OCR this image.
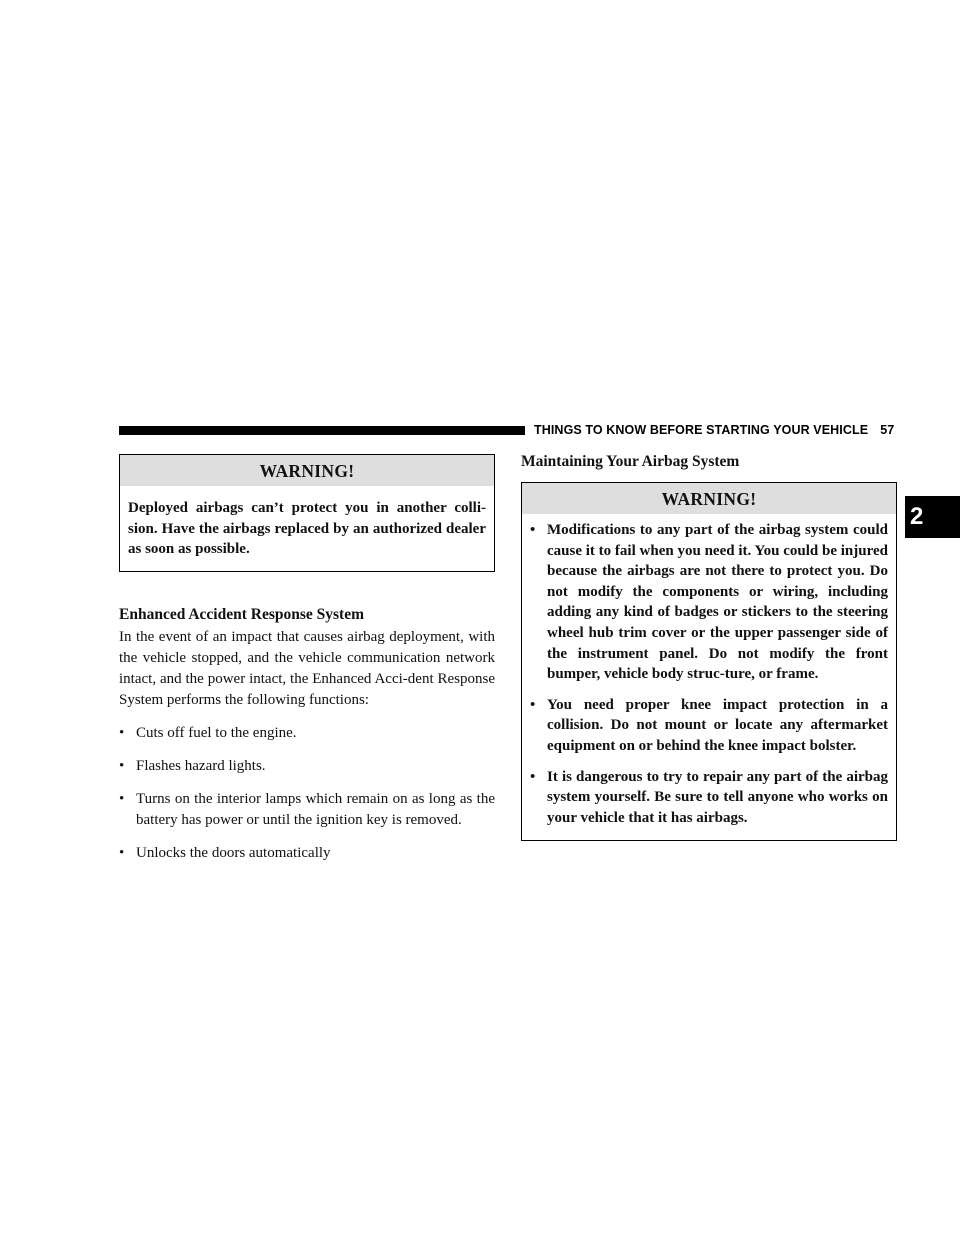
THINGS TO KNOW BEFORE STARTING YOUR VEHICLE 57
2
WARNING!
Deployed airbags can’t protect you in another colli-sion. Have the airbags replaced by an authorized dealer as soon as possible.
Enhanced Accident Response System

In the event of an impact that causes airbag deployment, with the vehicle stopped, and the vehicle communication network intact, and the power intact, the Enhanced Acci-dent Response System performs the following functions:

• Cuts off fuel to the engine.
• Flashes hazard lights.
• Turns on the interior lamps which remain on as long as the battery has power or until the ignition key is removed.
• Unlocks the doors automatically
Maintaining Your Airbag System
WARNING!
• Modifications to any part of the airbag system could cause it to fail when you need it. You could be injured because the airbags are not there to protect you. Do not modify the components or wiring, including adding any kind of badges or stickers to the steering wheel hub trim cover or the upper passenger side of the instrument panel. Do not modify the front bumper, vehicle body struc-ture, or frame.
• You need proper knee impact protection in a collision. Do not mount or locate any aftermarket equipment on or behind the knee impact bolster.
• It is dangerous to try to repair any part of the airbag system yourself. Be sure to tell anyone who works on your vehicle that it has airbags.
